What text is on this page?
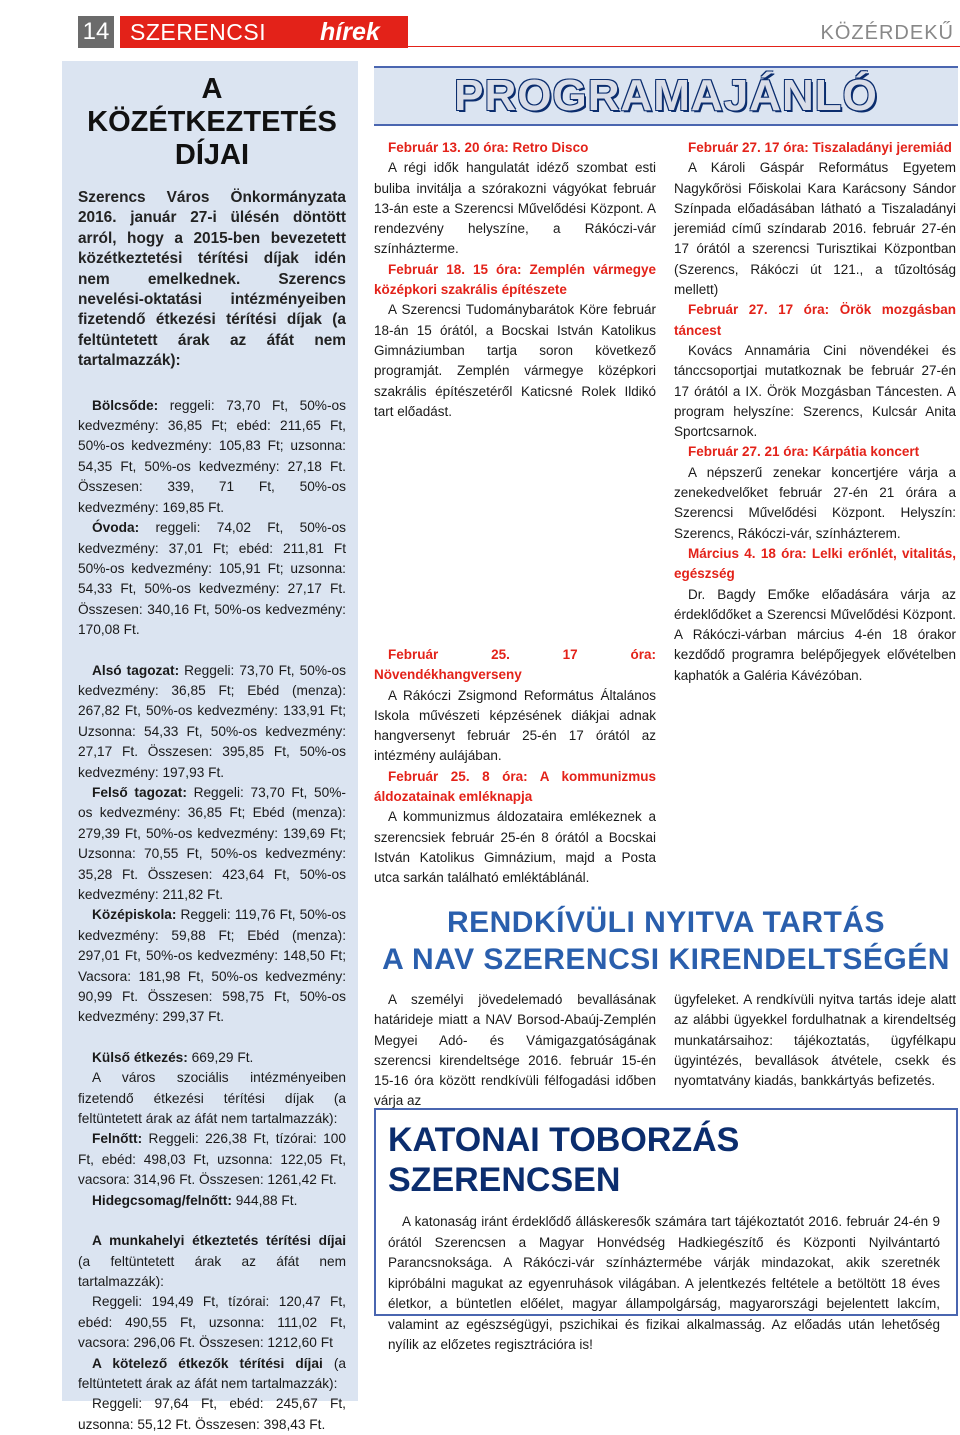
14 SZERENCSI hírek	KÖZÉRDEKŰ
A KÖZÉTKEZTETÉS
DÍJAI

Szerencs Város Önkormányzata 2016. január 27-i ülésén döntött arról, hogy a 2015-ben bevezetett közétkeztetési térítési díjak idén nem emelkednek. Szerencs nevelési-oktatási intézményeiben fizetendő étkezési térítési díjak (a feltüntetett árak az áfát nem tartalmazzák):

Bölcsőde: reggeli: 73,70 Ft, 50%-os kedvezmény: 36,85 Ft; ebéd: 211,65 Ft, 50%-os kedvezmény: 105,83 Ft; uzsonna: 54,35 Ft, 50%-os kedvezmény: 27,18 Ft. Összesen: 339, 71 Ft, 50%-os kedvezmény: 169,85 Ft.

Óvoda: reggeli: 74,02 Ft, 50%-os kedvezmény: 37,01 Ft; ebéd: 211,81 Ft 50%-os kedvezmény: 105,91 Ft; uzsonna: 54,33 Ft, 50%-os kedvezmény: 27,17 Ft. Összesen: 340,16 Ft, 50%-os kedvezmény: 170,08 Ft.

Alsó tagozat: Reggeli: 73,70 Ft, 50%-os kedvezmény: 36,85 Ft; Ebéd (menza): 267,82 Ft, 50%-os kedvezmény: 133,91 Ft; Uzsonna: 54,33 Ft, 50%-os kedvezmény: 27,17 Ft. Összesen: 395,85 Ft, 50%-os kedvezmény: 197,93 Ft.

Felső tagozat: Reggeli: 73,70 Ft, 50%-os kedvezmény: 36,85 Ft; Ebéd (menza): 279,39 Ft, 50%-os kedvezmény: 139,69 Ft; Uzsonna: 70,55 Ft, 50%-os kedvezmény: 35,28 Ft. Összesen: 423,64 Ft, 50%-os kedvezmény: 211,82 Ft.

Középiskola: Reggeli: 119,76 Ft, 50%-os kedvezmény: 59,88 Ft; Ebéd (menza): 297,01 Ft, 50%-os kedvezmény: 148,50 Ft; Vacsora: 181,98 Ft, 50%-os kedvezmény: 90,99 Ft. Összesen: 598,75 Ft, 50%-os kedvezmény: 299,37 Ft.

Külső étkezés: 669,29 Ft.

A város szociális intézményeiben fizetendő étkezési térítési díjak (a feltüntetett árak az áfát nem tartalmazzák):

Felnőtt: Reggeli: 226,38 Ft, tízórai: 100 Ft, ebéd: 498,03 Ft, uzsonna: 122,05 Ft, vacsora: 314,96 Ft. Összesen: 1261,42 Ft.

Hidegcsomag/felnőtt: 944,88 Ft.

A munkahelyi étkeztetés térítési díjai (a feltüntetett árak az áfát nem tartalmazzák):

Reggeli: 194,49 Ft, tízórai: 120,47 Ft, ebéd: 490,55 Ft, uzsonna: 111,02 Ft, vacsora: 296,06 Ft. Összesen: 1212,60 Ft

A kötelező étkezők térítési díjai (a feltüntetett árak az áfát nem tartalmazzák):

Reggeli: 97,64 Ft, ebéd: 245,67 Ft, uzsonna: 55,12 Ft. Összesen: 398,43 Ft.

PROGRAMAJÁNLÓ

Február 13. 20 óra: Retro Disco

A régi idők hangulatát idéző szombat esti buliba invitálja a szórakozni vágyókat február 13-án este a Szerencsi Művelődési Központ. A rendezvény helyszíne, a Rákóczi-vár színházterme.

Február 18. 15 óra: Zemplén vármegye középkori szakrális építészete

A Szerencsi Tudománybarátok Köre február 18-án 15 órától, a Bocskai István Katolikus Gimnáziumban tartja soron következő programját. Zemplén vármegye középkori szakrális építészetéről Katicsné Rolek Ildikó tart előadást.

Február 25. 17 óra: Növendékhangverseny

A Rákóczi Zsigmond Református Általános Iskola művészeti képzésének diákjai adnak hangversenyt február 25-én 17 órától az intézmény aulájában.

Február 25. 8 óra: A kommunizmus áldozatainak emléknapja

A kommunizmus áldozataira emlékeznek a szerencsiek február 25-én 8 órától a Bocskai István Katolikus Gimnázium, majd a Posta utca sarkán található emléktáblánál.

Február 27. 17 óra: Tiszaladányi jeremiád

A Károli Gáspár Református Egyetem Nagykőrösi Főiskolai Kara Karácsony Sándor Színpada előadásában látható a Tiszaladányi jeremiád című színdarab 2016. február 27-én 17 órától a szerencsi Turisztikai Központban (Szerencs, Rákóczi út 121., a tűzoltóság mellett)

Február 27. 17 óra: Örök mozgásban táncest

Kovács Annamária Cini növendékei és tánccsoportjai mutatkoznak be február 27-én 17 órától a IX. Örök Mozgásban Táncesten. A program helyszíne: Szerencs, Kulcsár Anita Sportcsarnok.

Február 27. 21 óra: Kárpátia koncert

A népszerű zenekar koncertjére várja a zenekedvelőket február 27-én 21 órára a Szerencsi Művelődési Központ. Helyszín: Szerencs, Rákóczi-vár, színházterem.

Március 4. 18 óra: Lelki erőnlét, vitalitás, egészség

Dr. Bagdy Emőke előadására várja az érdeklődőket a Szerencsi Művelődési Központ. A Rákóczi-várban március 4-én 18 órakor kezdődő programra belépőjegyek elővételben kaphatók a Galéria Kávézóban.

RENDKÍVÜLI NYITVA TARTÁS
A NAV SZERENCSI KIRENDELTSÉGÉN

A személyi jövedelemadó bevallásának határideje miatt a NAV Borsod-Abaúj-Zemplén Megyei Adó- és Vámigazgatóságának szerencsi kirendeltsége 2016. február 15-én 15-16 óra között rendkívüli félfogadási időben várja az

ügyfeleket. A rendkívüli nyitva tartás ideje alatt az alábbi ügyekkel fordulhatnak a kirendeltség munkatársaihoz: tájékoztatás, ügyfélkapu ügyintézés, bevallások átvétele, csekk és nyomtatvány kiadás, bankkártyás befizetés.

KATONAI TOBORZÁS SZERENCSEN

A katonaság iránt érdeklődő álláskeresők számára tart tájékoztatót 2016. február 24-én 9 órától Szerencsen a Magyar Honvédség Hadkiegészítő és Központi Nyilvántartó Parancsnoksága. A Rákóczi-vár színháztermébe várják mindazokat, akik szeretnék kipróbálni magukat az egyenruhások világában. A jelentkezés feltétele a betöltött 18 éves életkor, a büntetlen előélet, magyar állampolgárság, magyarországi bejelentett lakcím, valamint az egészségügyi, pszichikai és fizikai alkalmasság. Az előadás után lehetőség nyílik az előzetes regisztrációra is!
